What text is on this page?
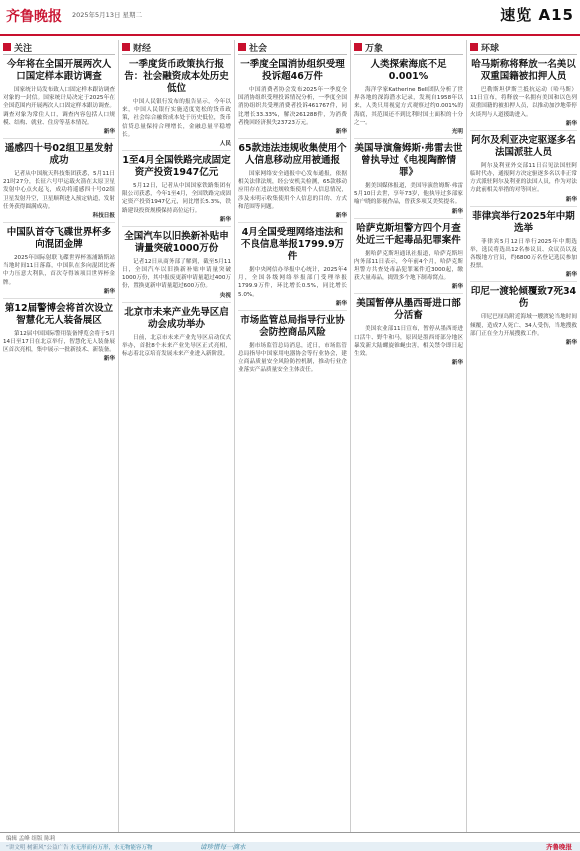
齐鲁晚报 2025年5月13日 星期二	速览 A15
关注
今年将在全国开展两次人口国定样本跟访调查

国家统计局发布致人口固定样本跟访调查对象的一封信。国家统计局决定于2025年在全国范围内开展两次人口固定样本跟访调查。调查对象为常住人口，调查内容包括人口规模、结构、就业、住房等基本情况。

新华
遥感四十号02组卫星发射成功

记者从中国航天科技集团获悉，5月11日21时27分，长征六号甲运载火箭在太原卫星发射中心点火起飞，成功将遥感四十号02组卫星发射升空，卫星顺利进入预定轨道，发射任务获得圆满成功。

科技日报
中国队首夺飞碟世界杯多向混团金牌

2025年国际射联飞碟世界杯塞浦路斯站当地时间11日落幕，中国队在多向混团比赛中力压意大利队，首次夺得该项目世界杯金牌。

新华
第12届警博会将首次设立智慧化无人装备展区

第12届中国国际警用装备博览会将于5月14日至17日在北京举行，智慧化无人装备展区首次亮相，集中展示一批新技术、新装备。

新华
财经
一季度货币政策执行报告：社会融资成本处历史低位

中国人民银行发布的报告显示，今年以来，中国人民银行实施适度宽松的货币政策，社会综合融资成本处于历史低位，货币信贷总量保持合理增长，金融总量平稳增长。

人民
1至4月全国铁路完成固定资产投资1947亿元

5月12日，记者从中国国家铁路集团有限公司获悉，今年1至4月，全国铁路完成固定资产投资1947亿元，同比增长5.3%，铁路建设投资规模保持高位运行。

新华
全国汽车以旧换新补贴申请量突破1000万份

记者12日从商务部了解到，截至5月11日，全国汽车以旧换新补贴申请量突破1000万份，其中报废更新申请量超过400万份，置换更新申请量超过600万份。

央视
北京市未来产业先导区启动会成功举办

日前，北京市未来产业先导区启动仪式举办，首批8个未来产业先导区正式亮相，标志着北京培育发展未来产业进入新阶段。

社会
一季度全国消协组织受理投诉超46万件

中国消费者协会发布2025年一季度全国消协组织受理投诉情况分析，一季度全国消协组织共受理消费者投诉461767件，同比增长33.33%，解决261288件，为消费者挽回经济损失23723万元。

新华
65款违法违规收集使用个人信息移动应用被通报

国家网络安全通报中心发布通报，依据相关法律法规，经公安机关检测，65款移动应用存在违法违规收集使用个人信息情况，涉及未明示收集使用个人信息的目的、方式和范围等问题。

新华
4月全国受理网络违法和不良信息举报1799.9万件

据中央网信办举报中心统计，2025年4月，全国各级网络举报部门受理举报1799.9万件，环比增长0.5%，同比增长5.0%。

新华
市场监管总局指导行业协会防控商品风险

据市场监管总局消息，近日，市场监管总局指导中国家用电器协会等行业协会，建立商品质量安全风险防控机制，推动行业企业落实产品质量安全主体责任。

万象
人类探索海底不足0.001%

海洋学家Katherine Bell团队分析了世界各地的深海潜水记录，发现自1958年以来，人类只用视觉方式观察过约0.001%的海底，其范围还不到比利时国土面积的十分之一。

光明
美国导演詹姆斯·弗雷去世曾执导过《电视陶醉情罪》

据美国媒体报道，美国导演詹姆斯·弗雷5月10日去世，享年73岁，他执导过多部家喻户晓的影视作品，曾获多项艾美奖提名。

新华
哈萨克斯坦警方四个月查处近三千起毒品犯罪案件

据哈萨克斯坦通讯社报道，哈萨克斯坦内务部11日表示，今年前4个月，哈萨克斯坦警方共查处毒品犯罪案件近3000起，缴获大量毒品，捣毁多个地下制毒窝点。

新华
美国暂停从墨西哥进口部分活畜

美国农业部11日宣布，暂停从墨西哥进口活牛、野牛和马，原因是墨西哥部分地区暴发新大陆螺旋锥蝇虫害，相关禁令即日起生效。

新华
环球
哈马斯称将释放一名美以双重国籍被扣押人员

巴勒斯坦伊斯兰抵抗运动（哈马斯）11日宣布，将释放一名拥有美国和以色列双重国籍的被扣押人员，以推动加沙地带停火谈判与人道援助进入。

新华
阿尔及利亚决定驱逐多名法国派驻人员

阿尔及利亚外交部11日召见法国驻阿临时代办，通报阿方决定驱逐多名以非正常方式派驻阿尔及利亚的法国人员，作为对法方此前相关举措的对等回应。

新华
菲律宾举行2025年中期选举

菲律宾5月12日举行2025年中期选举，选民将选出12名参议员、众议员以及各级地方官员，约6800万名登记选民参加投票。

新华
印尼一渡轮倾覆致7死34伤

印尼巴厘岛附近海域一艘渡轮当地时间倾覆，造成7人死亡、34人受伤，当地搜救部门正在全力开展搜救工作。

新华
编辑 孟峰 组版 陈莉
“讲文明 树新风”公益广告 水无形而有万形，水无物能容万物	请珍惜每一滴水	齐鲁晚报
